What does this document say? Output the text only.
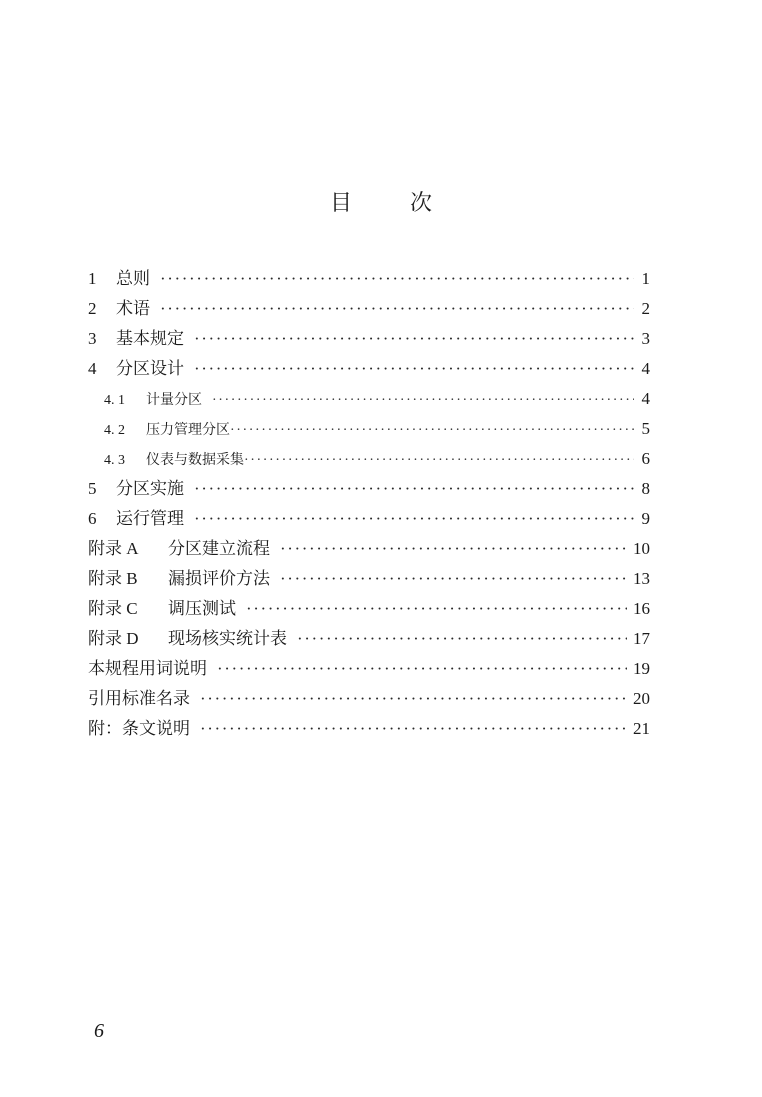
目	次
1	总则 ·····	1
2	术语 ·····	2
3	基本规定 ·····	3
4	分区设计 ·····	4
4. 1	计量分区 ·····	4
4. 2	压力管理分区 ·····	5
4. 3	仪表与数据采集 ·····	6
5	分区实施 ·····	8
6	运行管理 ·····	9
附录 A	分区建立流程 ·····	10
附录 B	漏损评价方法 ·····	13
附录 C	调压测试 ·····	16
附录 D	现场核实统计表 ·····	17
本规程用词说明 ·····	19
引用标准名录 ·····	20
附：条文说明 ·····	21
6
